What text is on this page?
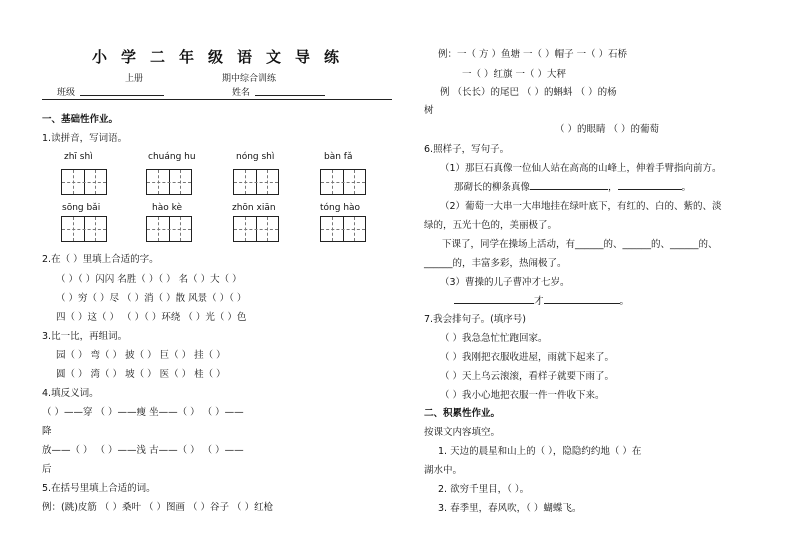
小学二年级语文导练
上册	期中综合训练
班级	姓名
一、基础性作业。
1.读拼音，写词语。
zhī shì	chuáng hu	nóng shì	bàn fǎ
sōng bǎi	hào kè	zhōn xiān	tóng hào
2.在（ ）里填上合适的字。
（ ）（ ）闪闪 名胜（ ）（ ） 名（ ）大（ ）
（ ）穷（ ）尽 （ ）消（ ）散 风景（ ）（ ）
四（ ）这（ ） （ ）（ ）环绕 （ ）光（ ）色
3.比一比，再组词。
园（ ） 弯（ ） 披（ ） 巨（ ） 挂（ ）
圆（ ） 湾（ ） 坡（ ） 医（ ） 桂（ ）
4.填反义词。
（ ）——穿 （ ）——瘦 坐——（ ） （ ）——
降
放——（ ） （ ）——浅 古——（ ） （ ）——
后
5.在括号里填上合适的词。
例：(跳)皮筋 （ ）桑叶 （ ）图画 （ ）谷子 （ ）红枪
例：一（ 方 ）鱼塘 一（ ）帽子 一（ ）石桥
一（ ）红旗 一（ ）大秤
例 （长长）的尾巴 （ ）的蝌蚪 （ ）的杨
树
（ ）的眼睛 （ ）的葡萄
6.照样子，写句子。
（1）那巨石真像一位仙人站在高高的山峰上，伸着手臂指向前方。
那砌长的柳条真像	，	。
（2）葡萄一大串一大串地挂在绿叶底下，有红的、白的、紫的、淡
绿的，五光十色的，美丽极了。
下课了，同学在操场上活动，有______的、______的、______的、
______的，丰富多彩，热闹极了。
（3）曹操的儿子曹冲才七岁。
才	。
7.我会排句子。(填序号)
（ ）我急急忙忙跑回家。
（ ）我刚把衣服收进屋，雨就下起来了。
（ ）天上乌云滚滚，看样子就要下雨了。
（ ）我小心地把衣服一件一件收下来。
二、积累性作业。
按课文内容填空。
1. 天边的晨星和山上的（ ），隐隐约约地（ ）在
湖水中。
2. 欲穷千里目，（ ）。
3. 春季里，春风吹，（ ）蝴蝶飞。
